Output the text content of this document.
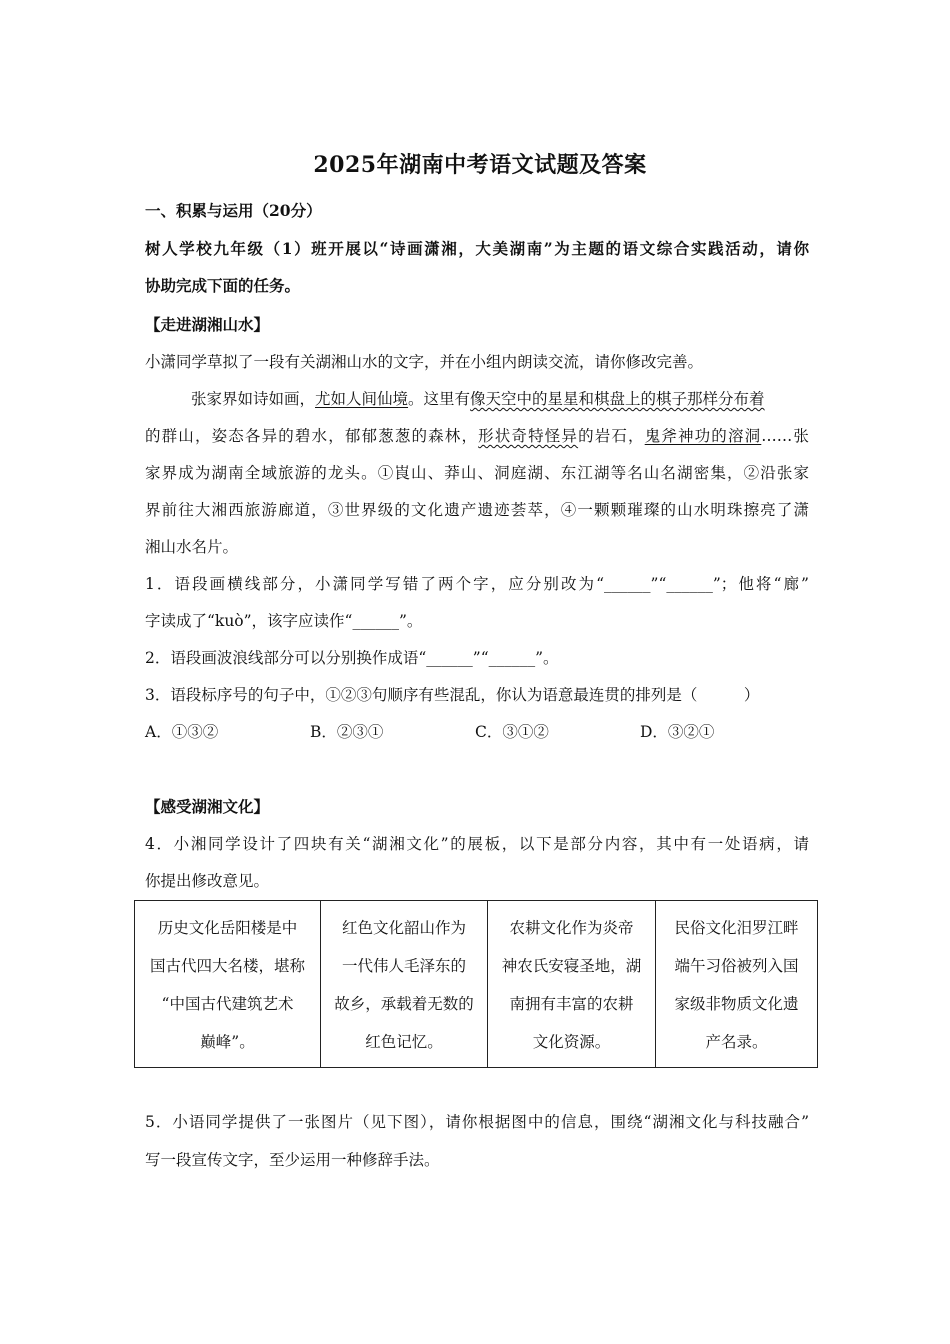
2025年湖南中考语文试题及答案
一、积累与运用（20分）
树人学校九年级（1）班开展以“诗画潇湘，大美湖南”为主题的语文综合实践活动，请你
协助完成下面的任务。
【走进湖湘山水】
小潇同学草拟了一段有关湖湘山水的文字，并在小组内朗读交流，请你修改完善。
张家界如诗如画，尤如人间仙境。这里有像天空中的星星和棋盘上的棋子那样分布着
的群山，姿态各异的碧水，郁郁葱葱的森林，形状奇特怪异的岩石，鬼斧神功的溶洞……张
家界成为湖南全域旅游的龙头。①崀山、莽山、洞庭湖、东江湖等名山名湖密集，②沿张家
界前往大湘西旅游廊道，③世界级的文化遗产遗迹荟萃，④一颗颗璀璨的山水明珠擦亮了潇
湘山水名片。
1．语段画横线部分，小潇同学写错了两个字，应分别改为“______”“______”；他将“廊”
字读成了“kuò”，该字应读作“______”。
2．语段画波浪线部分可以分别换作成语“______”“______”。
3．语段标序号的句子中，①②③句顺序有些混乱，你认为语意最连贯的排列是（　　　）
A．①③②	B．②③①	C．③①②	D．③②①
【感受湖湘文化】
4．小湘同学设计了四块有关“湖湘文化”的展板，以下是部分内容，其中有一处语病，请
你提出修改意见。
历史文化岳阳楼是中
国古代四大名楼，堪称
“中国古代建筑艺术
巅峰”。

红色文化韶山作为
一代伟人毛泽东的
故乡，承载着无数的
红色记忆。

农耕文化作为炎帝
神农氏安寝圣地，湖
南拥有丰富的农耕
文化资源。

民俗文化汨罗江畔
端午习俗被列入国
家级非物质文化遗
产名录。
5．小语同学提供了一张图片（见下图），请你根据图中的信息，围绕“湖湘文化与科技融合”
写一段宣传文字，至少运用一种修辞手法。
